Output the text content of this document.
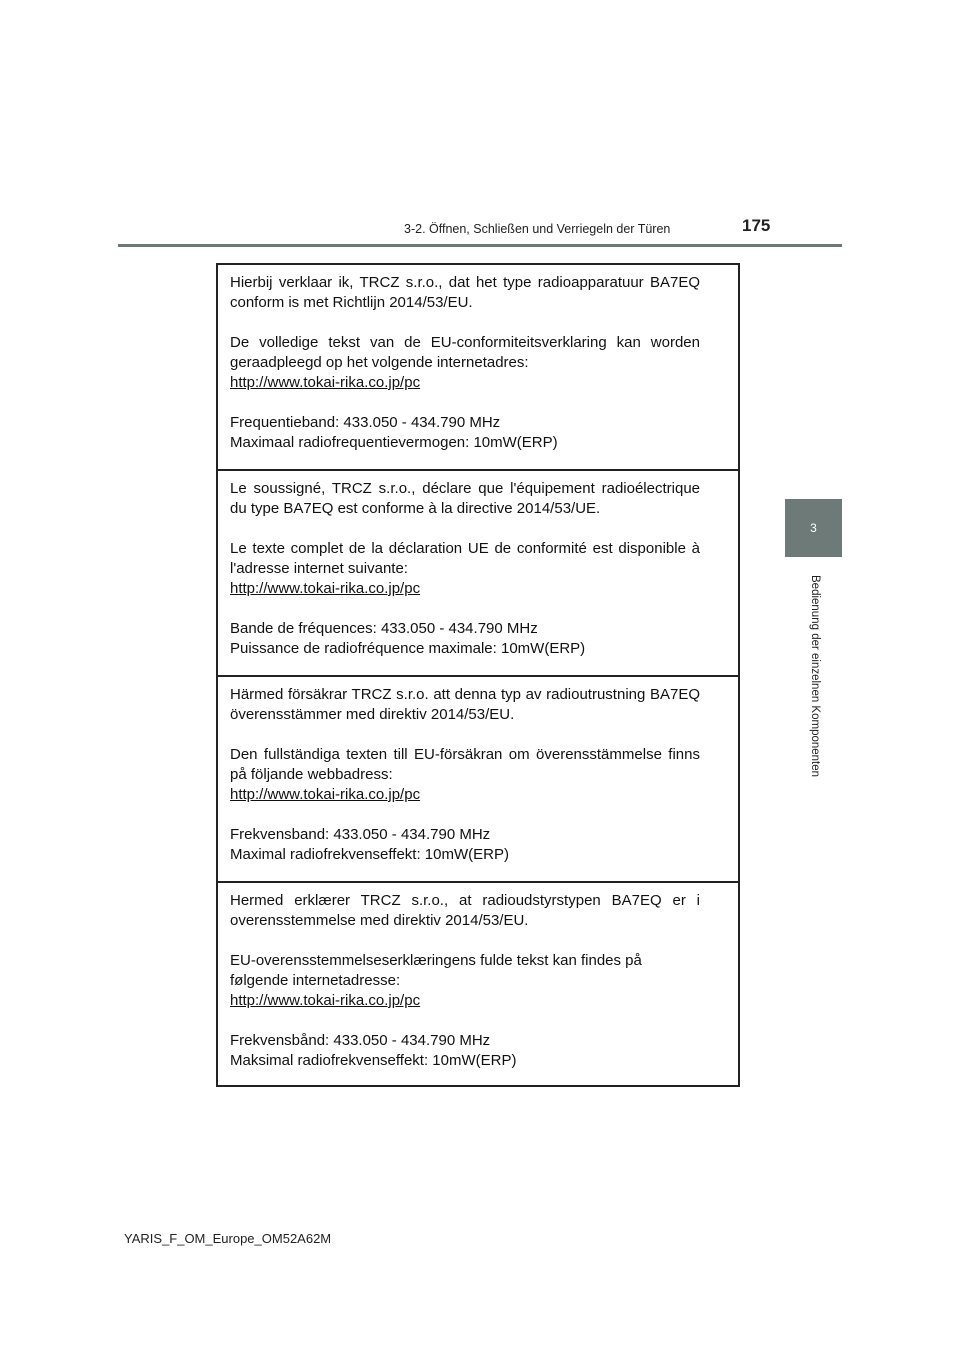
3-2. Öffnen, Schließen und Verriegeln der Türen	175
3
Bedienung der einzelnen Komponenten

Hierbij verklaar ik, TRCZ s.r.o., dat het type radioapparatuur BA7EQ conform is met Richtlijn 2014/53/EU.

De volledige tekst van de EU-conformiteitsverklaring kan worden geraadpleegd op het volgende internetadres:

http://www.tokai-rika.co.jp/pc

Frequentieband: 433.050 - 434.790 MHz

Maximaal radiofrequentievermogen: 10mW(ERP)

Le soussigné, TRCZ s.r.o., déclare que l'équipement radioélectrique du type BA7EQ est conforme à la directive 2014/53/UE.

Le texte complet de la déclaration UE de conformité est disponible à l'adresse internet suivante:

http://www.tokai-rika.co.jp/pc

Bande de fréquences: 433.050 - 434.790 MHz

Puissance de radiofréquence maximale: 10mW(ERP)

Härmed försäkrar TRCZ s.r.o. att denna typ av radioutrustning BA7EQ överensstämmer med direktiv 2014/53/EU.

Den fullständiga texten till EU-försäkran om överensstämmelse finns på följande webbadress:

http://www.tokai-rika.co.jp/pc

Frekvensband: 433.050 - 434.790 MHz

Maximal radiofrekvenseffekt: 10mW(ERP)

Hermed erklærer TRCZ s.r.o., at radioudstyrstypen BA7EQ er i overensstemmelse med direktiv 2014/53/EU.

EU-overensstemmelseserklæringens fulde tekst kan findes på følgende internetadresse:

http://www.tokai-rika.co.jp/pc

Frekvensbånd: 433.050 - 434.790 MHz

Maksimal radiofrekvenseffekt: 10mW(ERP)

YARIS_F_OM_Europe_OM52A62M
